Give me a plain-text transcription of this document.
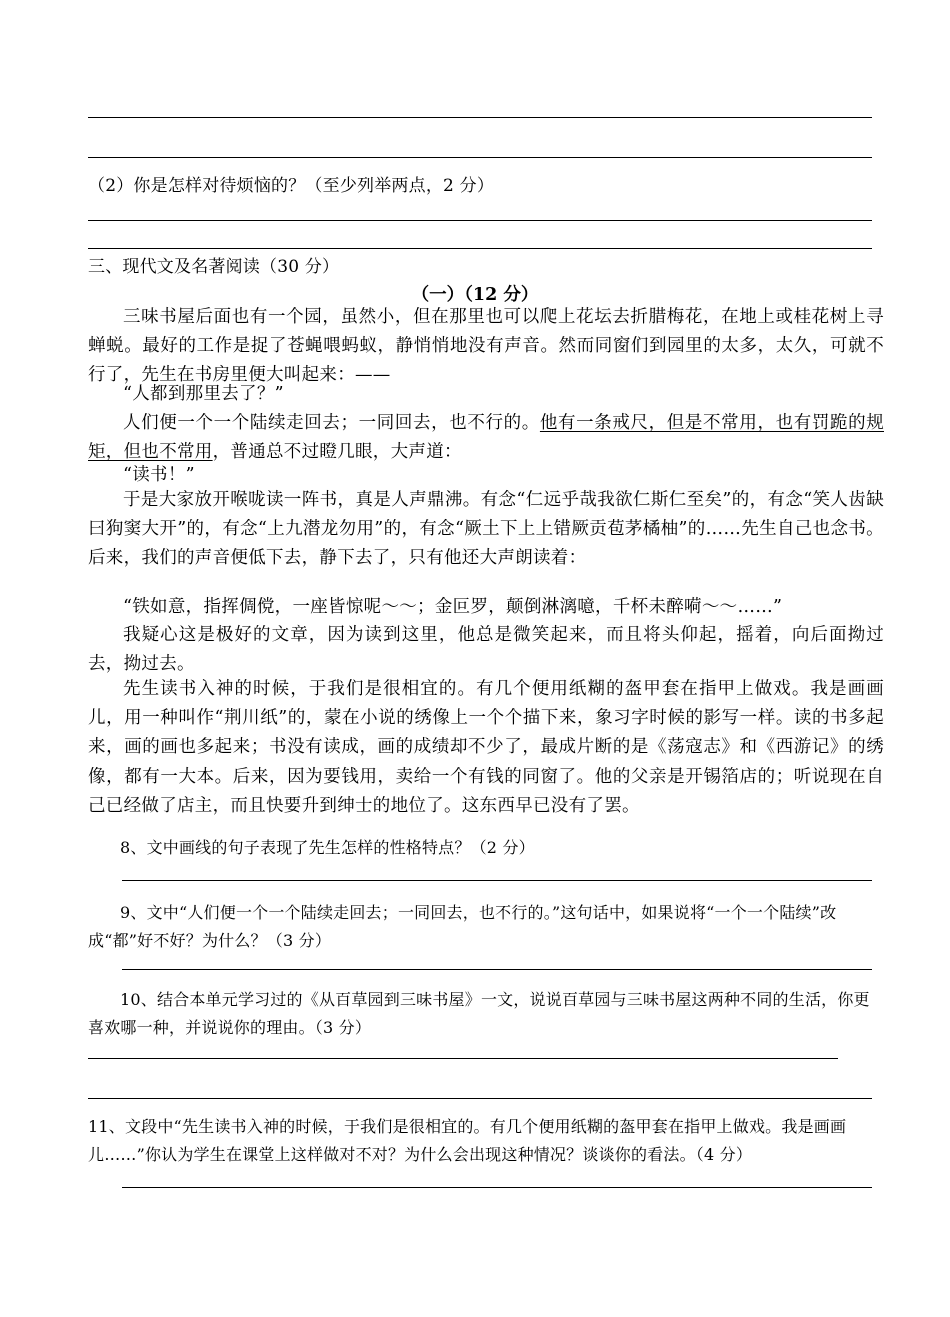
（2）你是怎样对待烦恼的？（至少列举两点，2 分）
三、现代文及名著阅读（30 分）
（一）（12 分）
三味书屋后面也有一个园，虽然小，但在那里也可以爬上花坛去折腊梅花，在地上或桂花树上寻蝉蜕。最好的工作是捉了苍蝇喂蚂蚁，静悄悄地没有声音。然而同窗们到园里的太多，太久，可就不行了，先生在书房里便大叫起来：——
“人都到那里去了？”
人们便一个一个陆续走回去；一同回去，也不行的。他有一条戒尺，但是不常用，也有罚跪的规矩，但也不常用，普通总不过瞪几眼，大声道：
“读书！”
于是大家放开喉咙读一阵书，真是人声鼎沸。有念“仁远乎哉我欲仁斯仁至矣”的，有念“笑人齿缺曰狗窦大开”的，有念“上九潜龙勿用”的，有念“厥土下上上错厥贡苞茅橘柚”的……先生自己也念书。后来，我们的声音便低下去，静下去了，只有他还大声朗读着：
“铁如意，指挥倜傥，一座皆惊呢～～；金叵罗，颠倒淋漓噫，千杯未醉嗬～～……”
我疑心这是极好的文章，因为读到这里，他总是微笑起来，而且将头仰起，摇着，向后面拗过去，拗过去。
先生读书入神的时候，于我们是很相宜的。有几个便用纸糊的盔甲套在指甲上做戏。我是画画儿，用一种叫作“荆川纸”的，蒙在小说的绣像上一个个描下来，象习字时候的影写一样。读的书多起来，画的画也多起来；书没有读成，画的成绩却不少了，最成片断的是《荡寇志》和《西游记》的绣像，都有一大本。后来，因为要钱用，卖给一个有钱的同窗了。他的父亲是开锡箔店的；听说现在自己已经做了店主，而且快要升到绅士的地位了。这东西早已没有了罢。
8、文中画线的句子表现了先生怎样的性格特点？（2 分）
9、文中“人们便一个一个陆续走回去；一同回去，也不行的。”这句话中，如果说将“一个一个陆续”改成“都”好不好？为什么？（3 分）
10、结合本单元学习过的《从百草园到三味书屋》一文，说说百草园与三味书屋这两种不同的生活，你更喜欢哪一种，并说说你的理由。（3 分）
11、文段中“先生读书入神的时候，于我们是很相宜的。有几个便用纸糊的盔甲套在指甲上做戏。我是画画儿……”你认为学生在课堂上这样做对不对？为什么会出现这种情况？谈谈你的看法。（4 分）
